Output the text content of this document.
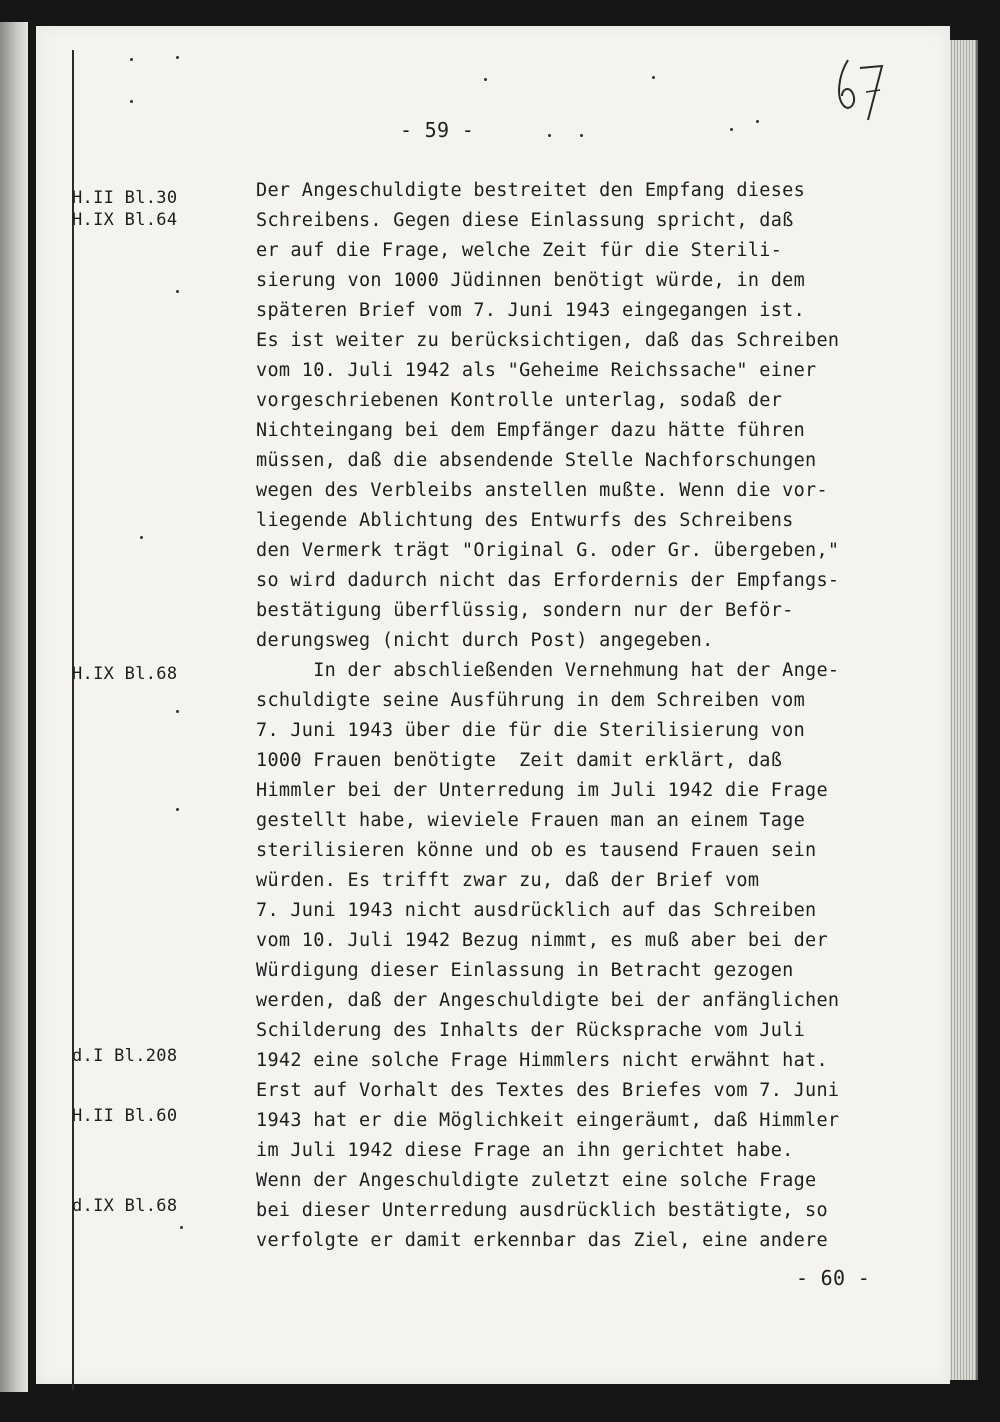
- 59 -
H.II Bl.30
H.IX Bl.64
H.IX Bl.68
d.I Bl.208
H.II Bl.60
d.IX Bl.68
Der Angeschuldigte bestreitet den Empfang dieses
Schreibens. Gegen diese Einlassung spricht, daß
er auf die Frage, welche Zeit für die Sterili-
sierung von 1000 Jüdinnen benötigt würde, in dem
späteren Brief vom 7. Juni 1943 eingegangen ist.
Es ist weiter zu berücksichtigen, daß das Schreiben
vom 10. Juli 1942 als "Geheime Reichssache" einer
vorgeschriebenen Kontrolle unterlag, sodaß der
Nichteingang bei dem Empfänger dazu hätte führen
müssen, daß die absendende Stelle Nachforschungen
wegen des Verbleibs anstellen mußte. Wenn die vor-
liegende Ablichtung des Entwurfs des Schreibens
den Vermerk trägt "Original G. oder Gr. übergeben,"
so wird dadurch nicht das Erfordernis der Empfangs-
bestätigung überflüssig, sondern nur der Beför-
derungsweg (nicht durch Post) angegeben.
In der abschließenden Vernehmung hat der Ange-
schuldigte seine Ausführung in dem Schreiben vom
7. Juni 1943 über die für die Sterilisierung von
1000 Frauen benötigte  Zeit damit erklärt, daß
Himmler bei der Unterredung im Juli 1942 die Frage
gestellt habe, wieviele Frauen man an einem Tage
sterilisieren könne und ob es tausend Frauen sein
würden. Es trifft zwar zu, daß der Brief vom
7. Juni 1943 nicht ausdrücklich auf das Schreiben
vom 10. Juli 1942 Bezug nimmt, es muß aber bei der
Würdigung dieser Einlassung in Betracht gezogen
werden, daß der Angeschuldigte bei der anfänglichen
Schilderung des Inhalts der Rücksprache vom Juli
1942 eine solche Frage Himmlers nicht erwähnt hat.
Erst auf Vorhalt des Textes des Briefes vom 7. Juni
1943 hat er die Möglichkeit eingeräumt, daß Himmler
im Juli 1942 diese Frage an ihn gerichtet habe.
Wenn der Angeschuldigte zuletzt eine solche Frage
bei dieser Unterredung ausdrücklich bestätigte, so
verfolgte er damit erkennbar das Ziel, eine andere
- 60 -
